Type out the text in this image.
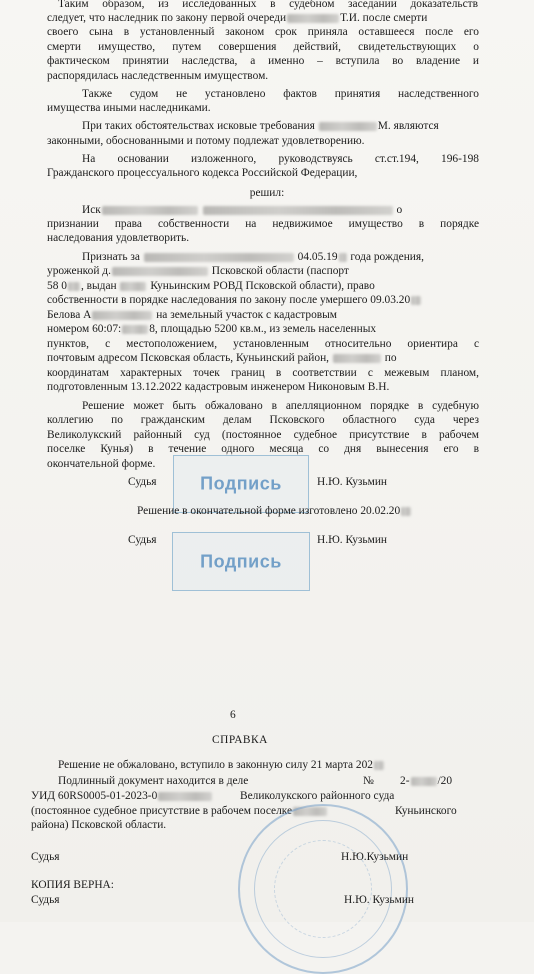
Таким образом, из исследованных в судебном заседании доказательств
следует, что наследник по закону первой очереди	Т.И. после смерти
своего сына в установленный законом срок приняла оставшееся после его
смерти имущество, путем совершения действий, свидетельствующих о
фактическом принятии наследства, а именно – вступила во владение и
распорядилась наследственным имуществом.
Также судом не установлено фактов принятия наследственного
имущества иными наследниками.
При таких обстоятельствах исковые требования	М. являются
законными, обоснованными и потому подлежат удовлетворению.
На основании изложенного, руководствуясь ст.ст.194, 196-198
Гражданского процессуального кодекса Российской Федерации,
решил:
Иск	о
признании права собственности на недвижимое имущество в порядке
наследования удовлетворить.
Признать за	04.05.19 года рождения,
уроженкой д.	Псковской области (паспорт
58 0 , выдан	Куньинским РОВД Псковской области), право
собственности в порядке наследования по закону после умершего 09.03.20
Белова А	на земельный участок с кадастровым
номером 60:07: 8, площадью 5200 кв.м., из земель населенных
пунктов, с местоположением, установленным относительно ориентира с
почтовым адресом Псковская область, Куньинский район,	по
координатам характерных точек границ в соответствии с межевым планом,
подготовленным 13.12.2022 кадастровым инженером Никоновым В.Н.
Решение может быть обжаловано в апелляционном порядке в судебную
коллегию по гражданским делам Псковского областного суда через
Великолукский районный суд (постоянное судебное присутствие в рабочем
поселке Кунья) в течение одного месяца со дня вынесения его в
окончательной форме.
Подпись
Судья	Н.Ю. Кузьмин
Решение в окончательной форме изготовлено 20.02.20
Подпись
Судья	Н.Ю. Кузьмин
6
СПРАВКА
Решение не обжаловано, вступило в законную силу 21 марта 202
Подлинный документ находится в деле	№ 2- /20
УИД 60RS0005-01-2023-0	Великолукского районного суда
(постоянное судебное присутствие в рабочем поселке	Куньинского
района) Псковской области.
Судья	Н.Ю.Кузьмин
КОПИЯ ВЕРНА:
Судья	Н.Ю. Кузьмин
